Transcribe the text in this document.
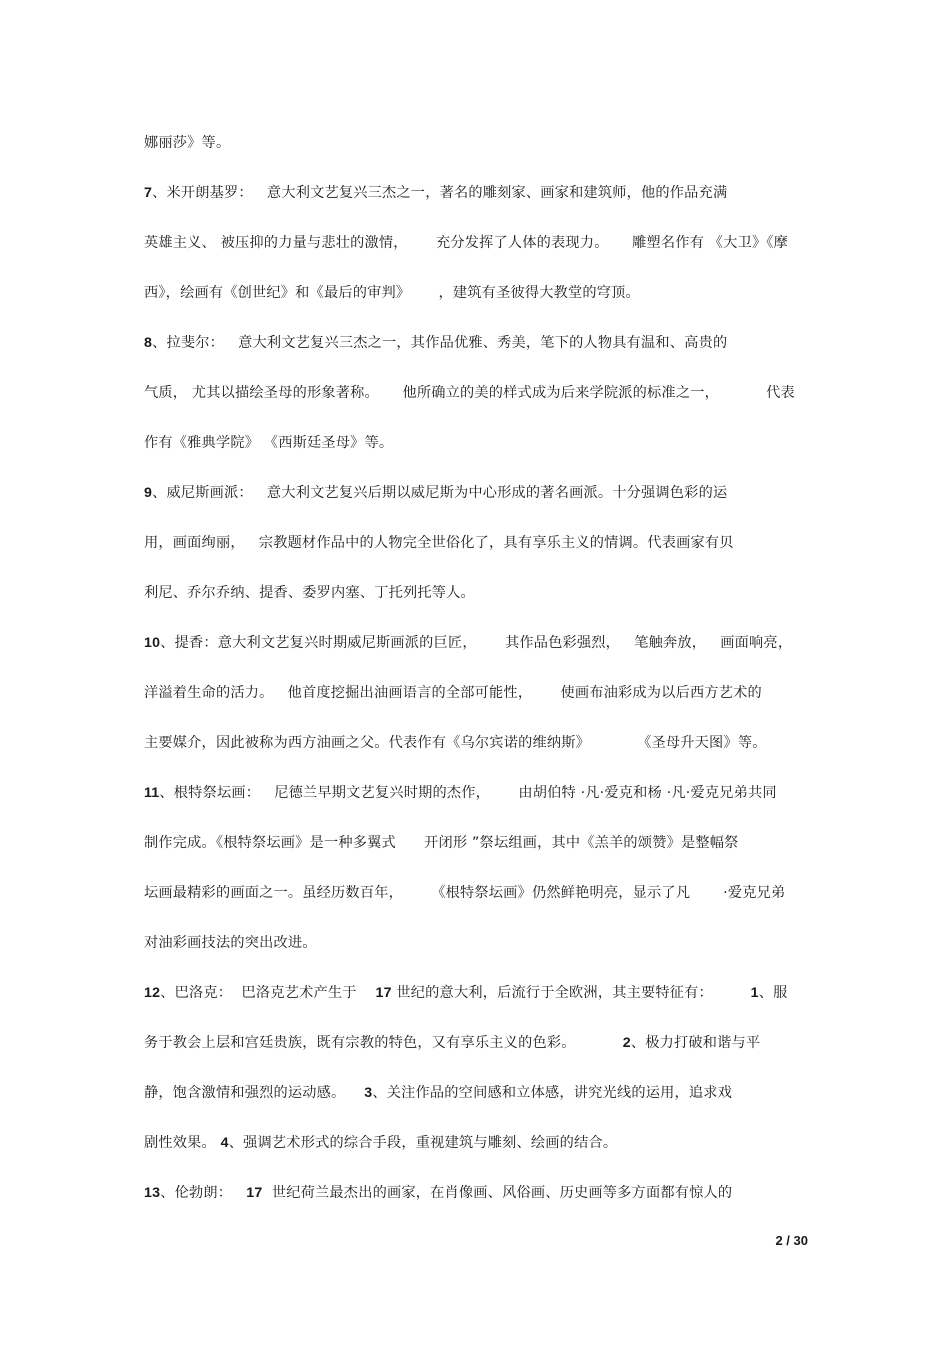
娜丽莎》等。
7、米开朗基罗：   意大利文艺复兴三杰之一，著名的雕刻家、画家和建筑师，他的作品充满
英雄主义、 被压抑的力量与悲壮的激情，      充分发挥了人体的表现力。     雕塑名作有 《大卫》《摩
西》，绘画有《创世纪》和《最后的审判》      ，建筑有圣彼得大教堂的穹顶。
8、拉斐尔：   意大利文艺复兴三杰之一，其作品优雅、秀美，笔下的人物具有温和、高贵的
气质， 尤其以描绘圣母的形象著称。     他所确立的美的样式成为后来学院派的标准之一，          代表
作有《雅典学院》 《西斯廷圣母》等。
9、威尼斯画派：   意大利文艺复兴后期以威尼斯为中心形成的著名画派。十分强调色彩的运
用，画面绚丽，   宗教题材作品中的人物完全世俗化了，具有享乐主义的情调。代表画家有贝
利尼、乔尔乔纳、提香、委罗内塞、丁托列托等人。
10、提香：意大利文艺复兴时期威尼斯画派的巨匠，      其作品色彩强烈，   笔触奔放，   画面响亮，
洋溢着生命的活力。   他首度挖掘出油画语言的全部可能性，      使画布油彩成为以后西方艺术的
主要媒介，因此被称为西方油画之父。代表作有《乌尔宾诺的维纳斯》          《圣母升天图》等。
11、根特祭坛画：   尼德兰早期文艺复兴时期的杰作，      由胡伯特 ·凡·爱克和杨 ·凡·爱克兄弟共同
制作完成。《根特祭坛画》是一种多翼式      开闭形 ”祭坛组画，其中《羔羊的颂赞》是整幅祭
坛画最精彩的画面之一。虽经历数百年，      《根特祭坛画》仍然鲜艳明亮，显示了凡       ·爱克兄弟
对油彩画技法的突出改进。
12、巴洛克：  巴洛克艺术产生于    17 世纪的意大利，后流行于全欧洲，其主要特征有：        1、服
务于教会上层和宫廷贵族，既有宗教的特色，又有享乐主义的色彩。          2、极力打破和谐与平
静，饱含激情和强烈的运动感。    3、关注作品的空间感和立体感，讲究光线的运用，追求戏
剧性效果。 4、强调艺术形式的综合手段，重视建筑与雕刻、绘画的结合。
13、伦勃朗：   17  世纪荷兰最杰出的画家，在肖像画、风俗画、历史画等多方面都有惊人的
2 / 30
